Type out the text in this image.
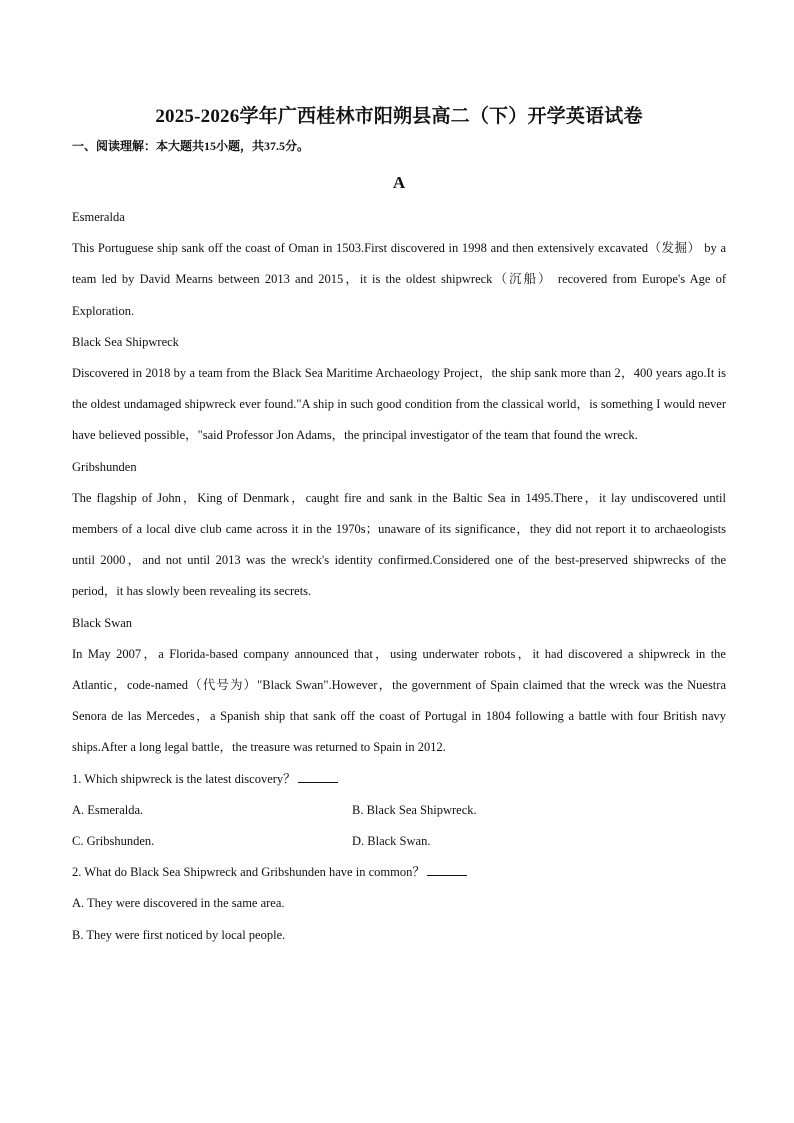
2025-2026学年广西桂林市阳朔县高二（下）开学英语试卷
一、阅读理解：本大题共15小题，共37.5分。
A
Esmeralda
This Portuguese ship sank off the coast of Oman in 1503.First discovered in 1998 and then extensively excavated（发掘） by a team led by David Mearns between 2013 and 2015，it is the oldest shipwreck（沉船） recovered from Europe's Age of Exploration.
Black Sea Shipwreck
Discovered in 2018 by a team from the Black Sea Maritime Archaeology Project，the ship sank more than 2，400 years ago.It is the oldest undamaged shipwreck ever found."A ship in such good condition from the classical world，is something I would never have believed possible，"said Professor Jon Adams，the principal investigator of the team that found the wreck.
Gribshunden
The flagship of John，King of Denmark，caught fire and sank in the Baltic Sea in 1495.There，it lay undiscovered until members of a local dive club came across it in the 1970s；unaware of its significance，they did not report it to archaeologists until 2000，and not until 2013 was the wreck's identity confirmed.Considered one of the best-preserved shipwrecks of the period，it has slowly been revealing its secrets.
Black Swan
In May 2007，a Florida-based company announced that，using underwater robots，it had discovered a shipwreck in the Atlantic，code-named（代号为）"Black Swan".However，the government of Spain claimed that the wreck was the Nuestra Senora de las Mercedes，a Spanish ship that sank off the coast of Portugal in 1804 following a battle with four British navy ships.After a long legal battle，the treasure was returned to Spain in 2012.
1. Which shipwreck is the latest discovery？
A. Esmeralda.	B. Black Sea Shipwreck.
C. Gribshunden.	D. Black Swan.
2. What do Black Sea Shipwreck and Gribshunden have in common？
A. They were discovered in the same area.
B. They were first noticed by local people.
